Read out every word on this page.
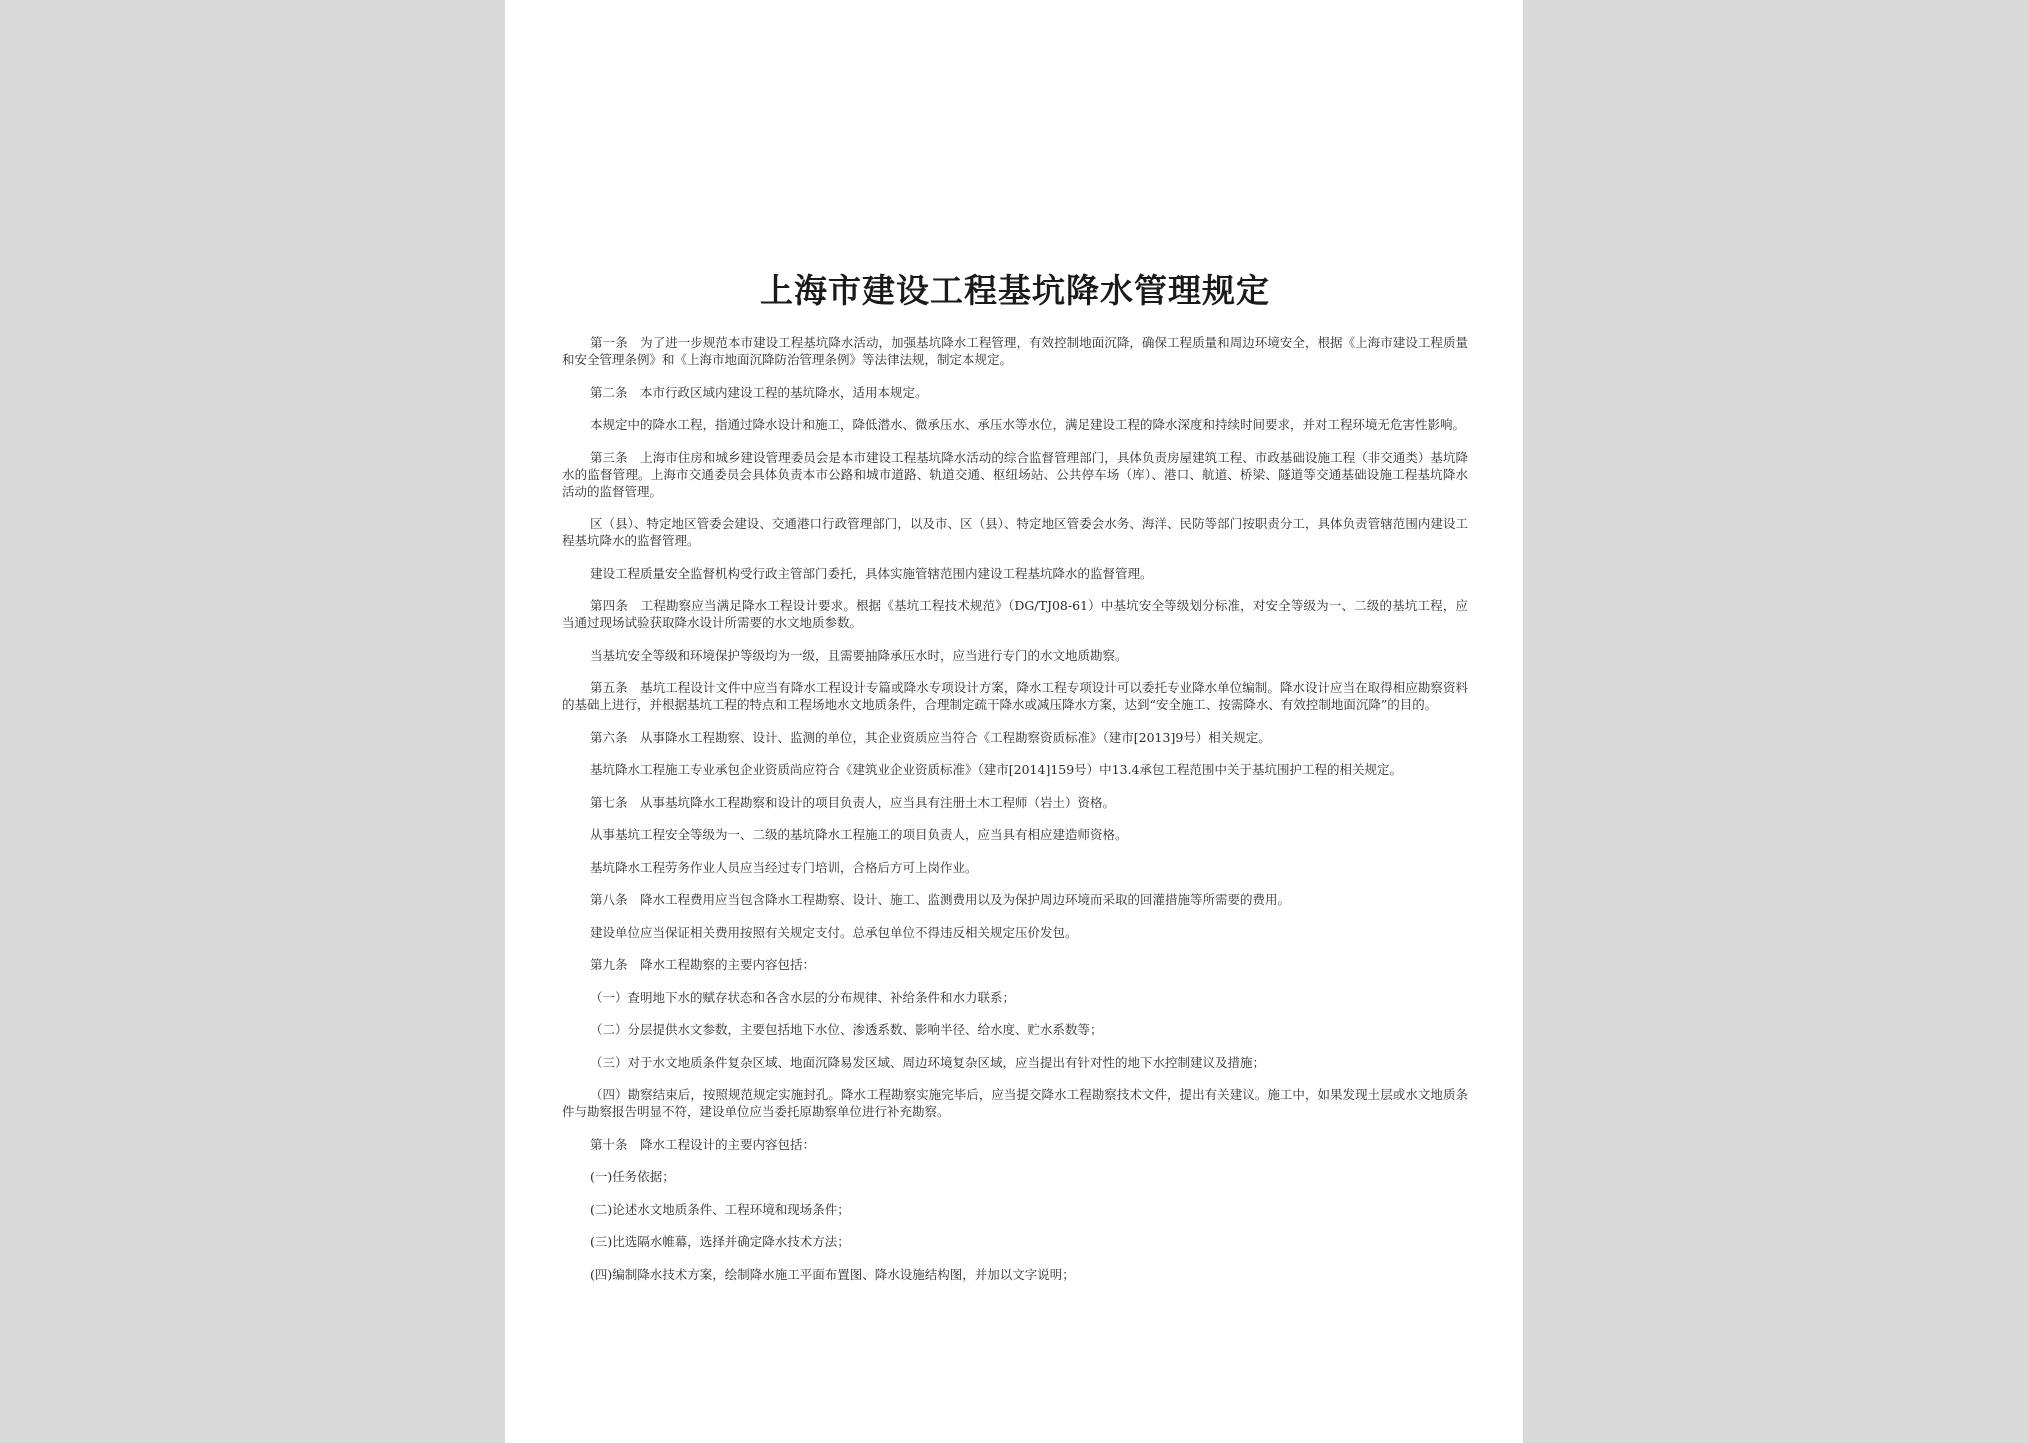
上海市建设工程基坑降水管理规定

第一条　为了进一步规范本市建设工程基坑降水活动，加强基坑降水工程管理，有效控制地面沉降，确保工程质量和周边环境安全，根据《上海市建设工程质量和安全管理条例》和《上海市地面沉降防治管理条例》等法律法规，制定本规定。

第二条　本市行政区域内建设工程的基坑降水，适用本规定。

本规定中的降水工程，指通过降水设计和施工，降低潜水、微承压水、承压水等水位，满足建设工程的降水深度和持续时间要求，并对工程环境无危害性影响。

第三条　上海市住房和城乡建设管理委员会是本市建设工程基坑降水活动的综合监督管理部门，具体负责房屋建筑工程、市政基础设施工程（非交通类）基坑降水的监督管理。上海市交通委员会具体负责本市公路和城市道路、轨道交通、枢纽场站、公共停车场（库）、港口、航道、桥梁、隧道等交通基础设施工程基坑降水活动的监督管理。

区（县）、特定地区管委会建设、交通港口行政管理部门，以及市、区（县）、特定地区管委会水务、海洋、民防等部门按职责分工，具体负责管辖范围内建设工程基坑降水的监督管理。

建设工程质量安全监督机构受行政主管部门委托，具体实施管辖范围内建设工程基坑降水的监督管理。

第四条　工程勘察应当满足降水工程设计要求。根据《基坑工程技术规范》（DG/TJ08-61）中基坑安全等级划分标准，对安全等级为一、二级的基坑工程，应当通过现场试验获取降水设计所需要的水文地质参数。

当基坑安全等级和环境保护等级均为一级，且需要抽降承压水时，应当进行专门的水文地质勘察。

第五条　基坑工程设计文件中应当有降水工程设计专篇或降水专项设计方案，降水工程专项设计可以委托专业降水单位编制。降水设计应当在取得相应勘察资料的基础上进行，并根据基坑工程的特点和工程场地水文地质条件，合理制定疏干降水或减压降水方案，达到“安全施工、按需降水、有效控制地面沉降”的目的。

第六条　从事降水工程勘察、设计、监测的单位，其企业资质应当符合《工程勘察资质标准》（建市[2013]9号）相关规定。

基坑降水工程施工专业承包企业资质尚应符合《建筑业企业资质标准》（建市[2014]159号）中13.4承包工程范围中关于基坑围护工程的相关规定。

第七条　从事基坑降水工程勘察和设计的项目负责人，应当具有注册土木工程师（岩土）资格。

从事基坑工程安全等级为一、二级的基坑降水工程施工的项目负责人，应当具有相应建造师资格。

基坑降水工程劳务作业人员应当经过专门培训，合格后方可上岗作业。

第八条　降水工程费用应当包含降水工程勘察、设计、施工、监测费用以及为保护周边环境而采取的回灌措施等所需要的费用。

建设单位应当保证相关费用按照有关规定支付。总承包单位不得违反相关规定压价发包。

第九条　降水工程勘察的主要内容包括：

（一）查明地下水的赋存状态和各含水层的分布规律、补给条件和水力联系；

（二）分层提供水文参数，主要包括地下水位、渗透系数、影响半径、给水度、贮水系数等；

（三）对于水文地质条件复杂区域、地面沉降易发区域、周边环境复杂区域，应当提出有针对性的地下水控制建议及措施；

（四）勘察结束后，按照规范规定实施封孔。降水工程勘察实施完毕后，应当提交降水工程勘察技术文件，提出有关建议。施工中，如果发现土层或水文地质条件与勘察报告明显不符，建设单位应当委托原勘察单位进行补充勘察。

第十条　降水工程设计的主要内容包括：

(一)任务依据；

(二)论述水文地质条件、工程环境和现场条件；

(三)比选隔水帷幕，选择并确定降水技术方法；

(四)编制降水技术方案，绘制降水施工平面布置图、降水设施结构图，并加以文字说明；
